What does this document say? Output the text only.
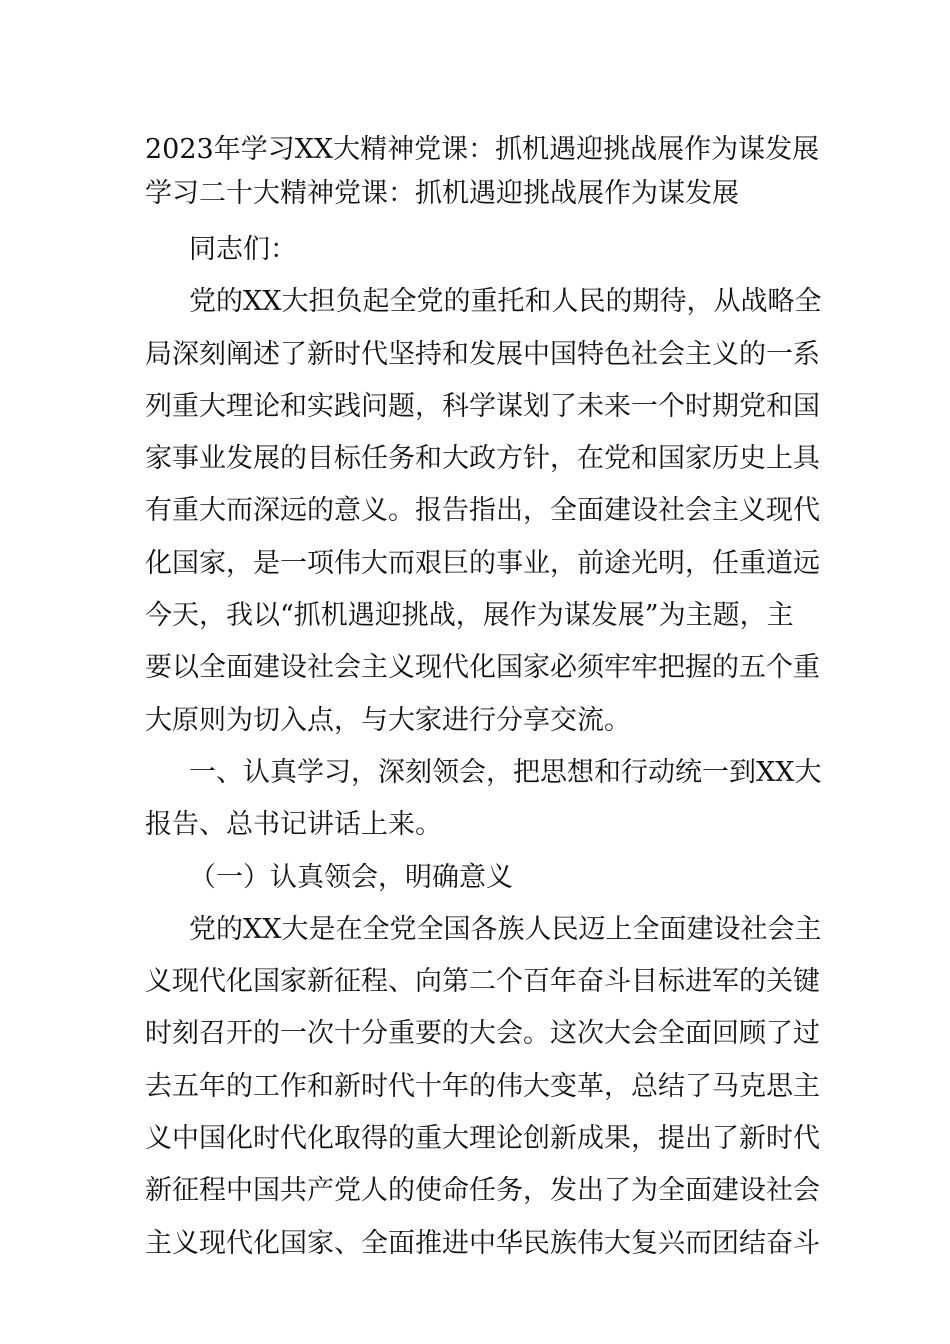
2023年学习XX大精神党课：抓机遇迎挑战展作为谋发展
学习二十大精神党课：抓机遇迎挑战展作为谋发展

同志们：

党的XX大担负起全党的重托和人民的期待，从战略全

局深刻阐述了新时代坚持和发展中国特色社会主义的一系

列重大理论和实践问题，科学谋划了未来一个时期党和国

家事业发展的目标任务和大政方针，在党和国家历史上具

有重大而深远的意义。报告指出，全面建设社会主义现代

化国家，是一项伟大而艰巨的事业，前途光明，任重道远

今天，我以“抓机遇迎挑战，展作为谋发展”为主题，主

要以全面建设社会主义现代化国家必须牢牢把握的五个重

大原则为切入点，与大家进行分享交流。

一、认真学习，深刻领会，把思想和行动统一到XX大

报告、总书记讲话上来。

（一）认真领会，明确意义

党的XX大是在全党全国各族人民迈上全面建设社会主

义现代化国家新征程、向第二个百年奋斗目标进军的关键

时刻召开的一次十分重要的大会。这次大会全面回顾了过

去五年的工作和新时代十年的伟大变革，总结了马克思主

义中国化时代化取得的重大理论创新成果，提出了新时代

新征程中国共产党人的使命任务，发出了为全面建设社会

主义现代化国家、全面推进中华民族伟大复兴而团结奋斗
